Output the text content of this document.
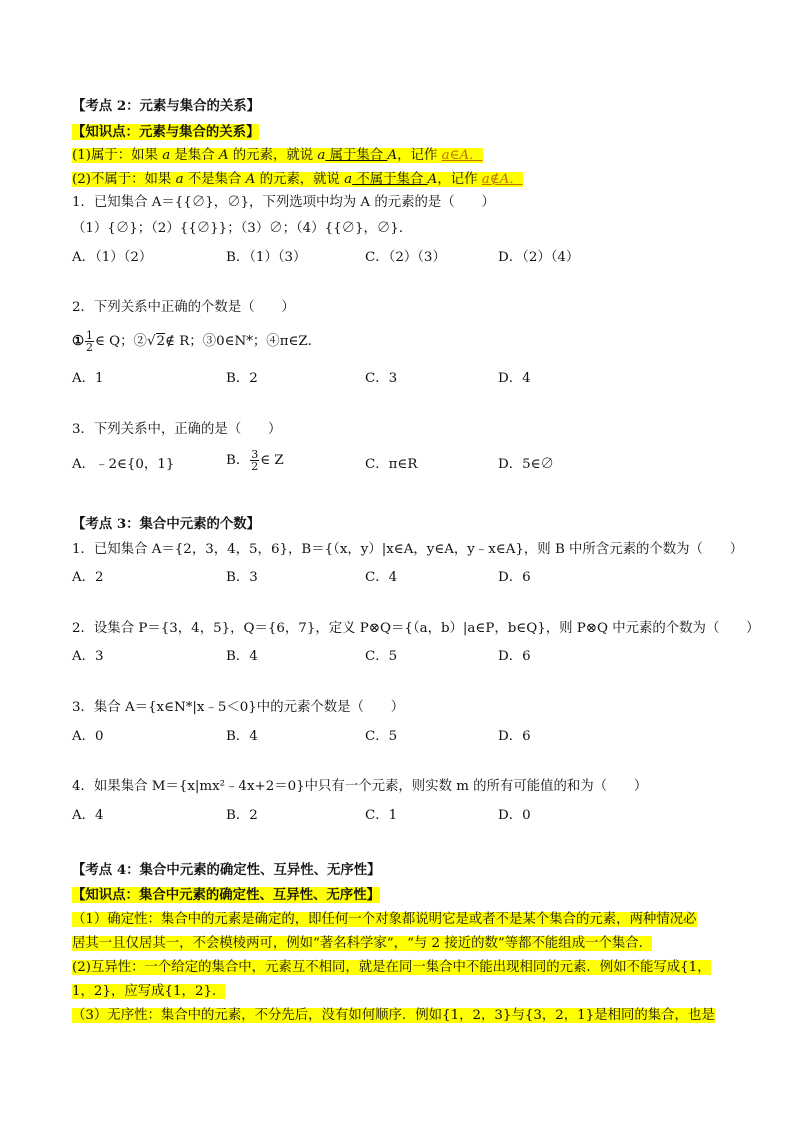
【考点 2：元素与集合的关系】
【知识点：元素与集合的关系】
(1)属于：如果 a 是集合 A 的元素，就说 a 属于集合 A，记作 a∈A．
(2)不属于：如果 a 不是集合 A 的元素，就说 a 不属于集合 A，记作 a∉A．
1．已知集合 A＝{{∅}，∅}，下列选项中均为 A 的元素的是（　　）
（1）{∅}；（2）{{∅}}；（3）∅；（4）{{∅}，∅}．
A．（1）（2）	B．（1）（3）	C．（2）（3）	D．（2）（4）
2．下列关系中正确的个数是（　　）
① $\frac{1}{2}$ ∈ Q；②√2∉ R；③0∈N*；④π∈Z．
A．1	B．2	C．3	D．4
3．下列关系中，正确的是（　　）
A．﹣2∈{0，1}	B． $\frac{3}{2}$ ∈ Z	C．π∈R	D．5∈∅
【考点 3：集合中元素的个数】
1．已知集合 A＝{2，3，4，5，6}，B＝{（x，y）|x∈A，y∈A，y﹣x∈A}，则 B 中所含元素的个数为（　　）
A．2	B．3	C．4	D．6
2．设集合 P＝{3，4，5}，Q＝{6，7}，定义 P⊗Q＝{（a，b）|a∈P，b∈Q}，则 P⊗Q 中元素的个数为（　　）
A．3	B．4	C．5	D．6
3．集合 A＝{x∈N*|x﹣5＜0}中的元素个数是（　　）
A．0	B．4	C．5	D．6
4．如果集合 M＝{x|mx²﹣4x+2＝0}中只有一个元素，则实数 m 的所有可能值的和为（　　）
A．4	B．2	C．1	D．0
【考点 4：集合中元素的确定性、互异性、无序性】
【知识点：集合中元素的确定性、互异性、无序性】
（1）确定性：集合中的元素是确定的，即任何一个对象都说明它是或者不是某个集合的元素，两种情况必
居其一且仅居其一，不会模棱两可，例如“著名科学家”，“与 2 接近的数”等都不能组成一个集合．
(2)互异性：一个给定的集合中，元素互不相同，就是在同一集合中不能出现相同的元素．例如不能写成{1，
1，2}，应写成{1，2}．
（3）无序性：集合中的元素，不分先后，没有如何顺序．例如{1，2，3}与{3，2，1}是相同的集合，也是
